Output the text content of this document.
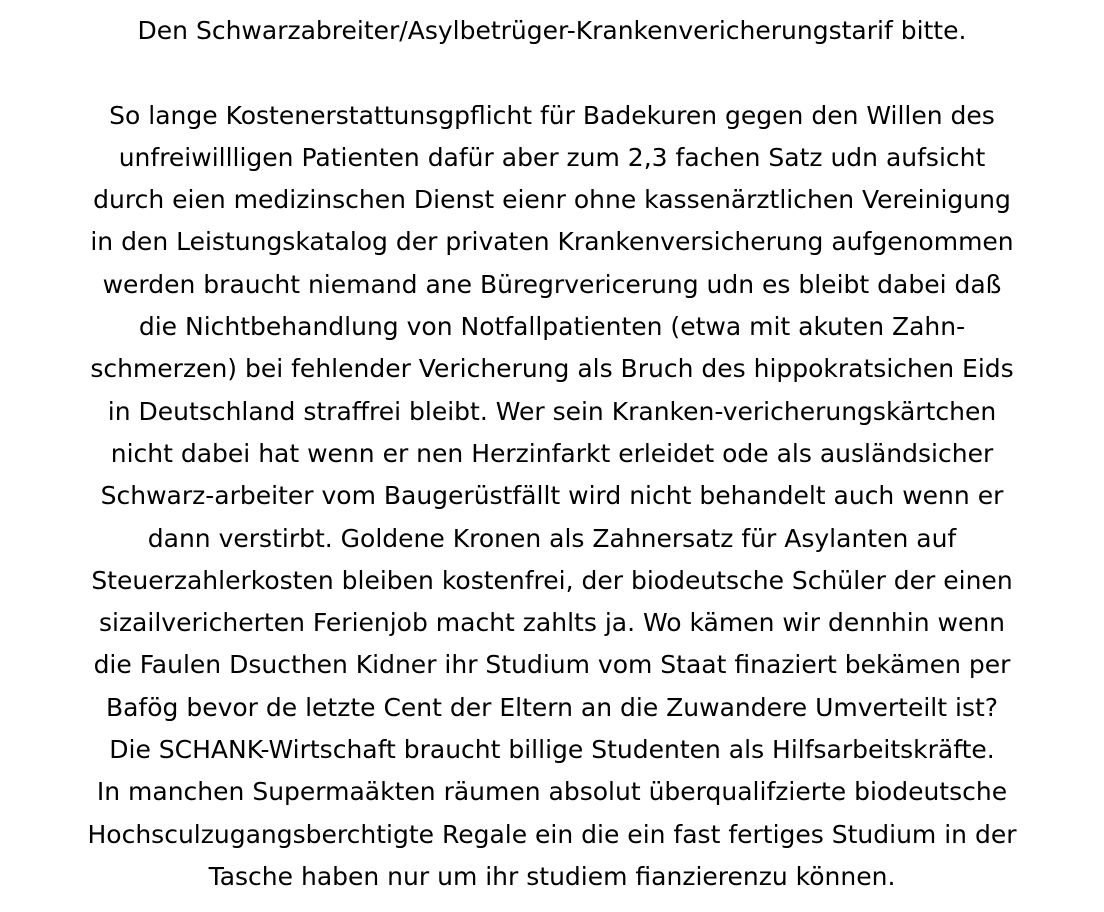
Den Schwarzabreiter/Asylbetrüger-Krankenvericherungstarif bitte.
So lange Kostenerstattunsgpflicht für Badekuren gegen den Willen des
unfreiwillligen Patienten dafür aber zum 2,3 fachen Satz udn aufsicht
durch eien medizinschen Dienst eienr ohne kassenärztlichen Vereinigung
in den Leistungskatalog der privaten Krankenversicherung aufgenommen
werden braucht niemand ane Büregrvericerung udn es bleibt dabei daß
die Nichtbehandlung von Notfallpatienten (etwa mit akuten Zahn-
schmerzen) bei fehlender Vericherung als Bruch des hippokratsichen Eids
in Deutschland straffrei bleibt. Wer sein Kranken-vericherungskärtchen
nicht dabei hat wenn er nen Herzinfarkt erleidet ode als ausländsicher
Schwarz-arbeiter vom Baugerüstfällt wird nicht behandelt auch wenn er
dann verstirbt. Goldene Kronen als Zahnersatz für Asylanten auf
Steuerzahlerkosten bleiben kostenfrei, der biodeutsche Schüler der einen
sizailvericherten Ferienjob macht zahlts ja. Wo kämen wir dennhin wenn
die Faulen Dsucthen Kidner ihr Studium vom Staat finaziert bekämen per
Bafög bevor de letzte Cent der Eltern an die Zuwandere Umverteilt ist?
Die SCHANK-Wirtschaft braucht billige Studenten als Hilfsarbeitskräfte.
In manchen Supermaäkten räumen absolut überqualifzierte biodeutsche
Hochsculzugangsberchtigte Regale ein die ein fast fertiges Studium in der
Tasche haben nur um ihr studiem fianzierenzu können.
